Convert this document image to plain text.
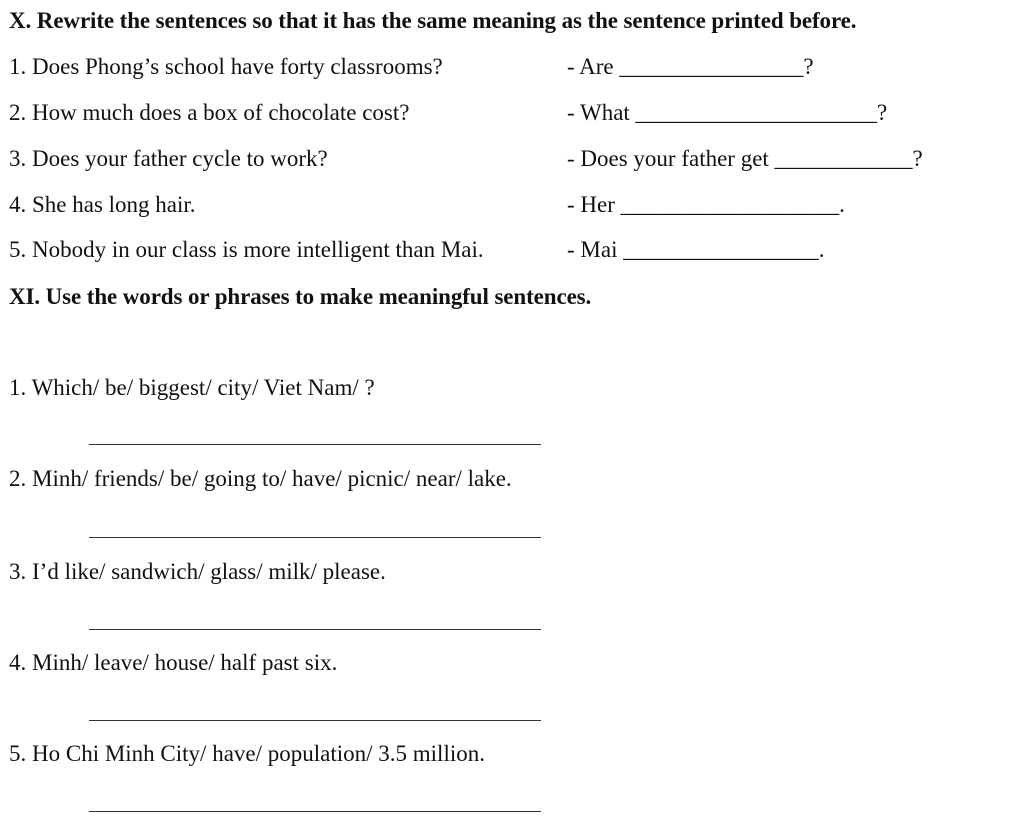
X. Rewrite the sentences so that it has the same meaning as the sentence printed before.
1. Does Phong’s school have forty classrooms?	- Are ________________?
2. How much does a box of chocolate cost?	- What _____________________?
3. Does your father cycle to work?	- Does your father get ____________?
4. She has long hair.	- Her ___________________.
5. Nobody in our class is more intelligent than Mai.	- Mai _________________.
XI. Use the words or phrases to make meaningful sentences.
1. Which/ be/ biggest/ city/ Viet Nam/ ?
2. Minh/ friends/ be/ going to/ have/ picnic/ near/ lake.
3. I’d like/ sandwich/ glass/ milk/ please.
4. Minh/ leave/ house/ half past six.
5. Ho Chi Minh City/ have/ population/ 3.5 million.
